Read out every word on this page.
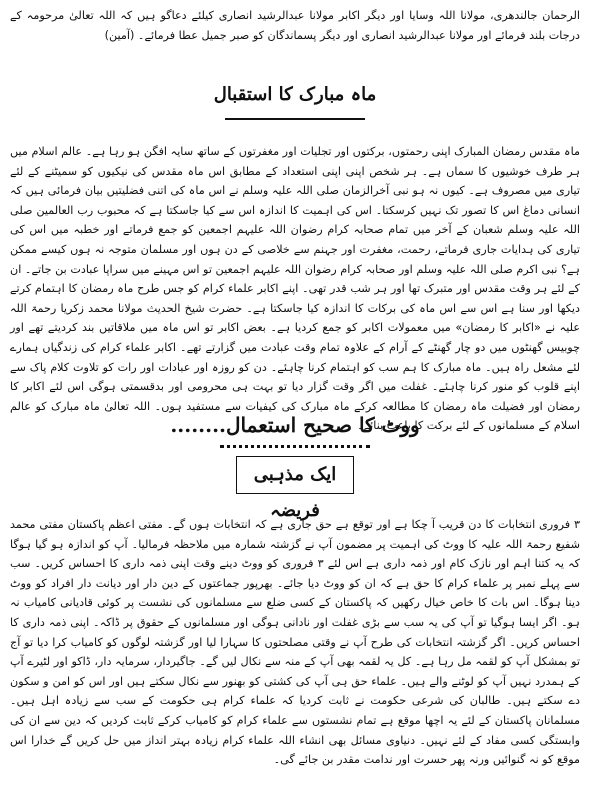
الرحمان جالندھری، مولانا اللہ وسایا اور دیگر اکابر مولانا عبدالرشید انصاری کیلئے دعاگو ہیں کہ اللہ تعالیٰ مرحومہ کے درجات بلند فرمائے اور مولانا عبدالرشید انصاری اور دیگر پسماندگان کو صبر جمیل عطا فرمائے۔ (آمین)

ماہ مبارک کا استقبال

ماہ مقدس رمضان المبارک اپنی رحمتوں، برکتوں اور تجلیات اور مغفرتوں کے ساتھ سایہ افگن ہو رہا ہے۔ عالم اسلام میں ہر طرف خوشیوں کا سماں ہے۔ ہر شخص اپنی اپنی استعداد کے مطابق اس ماہ مقدس کی نیکیوں کو سمیٹنے کے لئے تیاری میں مصروف ہے۔ کیوں نہ ہو نبی آخرالزمان صلی اللہ علیہ وسلم نے اس ماہ کی اتنی فضلیتیں بیان فرمائی ہیں کہ انسانی دماغ اس کا تصور تک نہیں کرسکتا۔ اس کی اہمیت کا اندازہ اس سے کیا جاسکتا ہے کہ محبوب رب العالمین صلی اللہ علیہ وسلم شعبان کے آخر میں تمام صحابہ کرام رضوان اللہ علیہم اجمعین کو جمع فرماتے اور خطبہ میں اس کی تیاری کی ہدایات جاری فرماتے، رحمت، مغفرت اور جہنم سے خلاصی کے دن ہوں اور مسلمان متوجہ نہ ہوں کیسے ممکن ہے؟ نبی اکرم صلی اللہ علیہ وسلم اور صحابہ کرام رضوان اللہ علیہم اجمعین تو اس مہینے میں سراپا عبادت بن جاتے۔ ان کے لئے ہر وقت مقدس اور متبرک تھا اور ہر شب قدر تھی۔ اپنے اکابر علماء کرام کو جس طرح ماہ رمضان کا اہتمام کرتے دیکھا اور سنا ہے اس سے اس ماہ کی برکات کا اندازہ کیا جاسکتا ہے۔ حضرت شیخ الحدیث مولانا محمد زکریا رحمۃ اللہ علیہ نے «اکابر کا رمضان» میں معمولات اکابر کو جمع کردیا ہے۔ بعض اکابر تو اس ماہ میں ملاقاتیں بند کردیتے تھے اور چوبیس گھنٹوں میں دو چار گھنٹے کے آرام کے علاوہ تمام وقت عبادت میں گزارتے تھے۔ اکابر علماء کرام کی زندگیاں ہمارے لئے مشعل راہ ہیں۔ ماہ مبارک کا ہم سب کو اہتمام کرنا چاہئے۔ دن کو روزہ اور عبادات اور رات کو تلاوت کلام پاک سے اپنے قلوب کو منور کرنا چاہئے۔ غفلت میں اگر وقت گزار دیا تو بہت ہی محرومی اور بدقسمتی ہوگی اس لئے اکابر کا رمضان اور فضیلت ماہ رمضان کا مطالعہ کرکے ماہ مبارک کی کیفیات سے مستفید ہوں۔ اللہ تعالیٰ ماہ مبارک کو عالم اسلام کے مسلمانوں کے لئے برکت کا باعث بنائے۔

ووٹ کا صحیح استعمال........
ایک مذہبی فریضہ

۳ فروری انتخابات کا دن قریب آ چکا ہے اور توقع ہے حق جاری ہے کہ انتخابات ہوں گے۔ مفتی اعظم پاکستان مفتی محمد شفیع رحمۃ اللہ علیہ کا ووٹ کی اہمیت پر مضمون آپ نے گزشتہ شمارہ میں ملاحظہ فرمالیا۔ آپ کو اندازہ ہو گیا ہوگا کہ یہ کتنا اہم اور نازک کام اور ذمہ داری ہے اس لئے ۳ فروری کو ووٹ دینے وقت اپنی ذمہ داری کا احساس کریں۔ سب سے پہلے نمبر پر علماء کرام کا حق ہے کہ ان کو ووٹ دیا جائے۔ بھرپور جماعتوں کے دین دار اور دیانت دار افراد کو ووٹ دینا ہوگا۔ اس بات کا خاص خیال رکھیں کہ پاکستان کے کسی ضلع سے مسلمانوں کی نشست پر کوئی قادیانی کامیاب نہ ہو۔ اگر ایسا ہوگیا تو آپ کی یہ سب سے بڑی غفلت اور نادانی ہوگی اور مسلمانوں کے حقوق پر ڈاکہ۔ اپنی ذمہ داری کا احساس کریں۔ اگر گزشتہ انتخابات کی طرح آپ نے وقتی مصلحتوں کا سہارا لیا اور گزشتہ لوگوں کو کامیاب کرا دیا تو آج تو بمشکل آپ کو لقمہ مل رہا ہے۔ کل یہ لقمہ بھی آپ کے منہ سے نکال لیں گے۔ جاگیردار، سرمایہ دار، ڈاکو اور لٹیرے آپ کے ہمدرد نہیں آپ کو لوٹنے والے ہیں۔ علماء حق ہی آپ کی کشتی کو بھنور سے نکال سکتے ہیں اور اس کو امن و سکون دے سکتے ہیں۔ طالبان کی شرعی حکومت نے ثابت کردیا کہ علماء کرام ہی حکومت کے سب سے زیادہ اہل ہیں۔ مسلمانان پاکستان کے لئے یہ اچھا موقع ہے تمام نشستوں سے علماء کرام کو کامیاب کرکے ثابت کردیں کہ دین سے ان کی وابستگی کسی مفاد کے لئے نہیں۔ دنیاوی مسائل بھی انشاء اللہ علماء کرام زیادہ بہتر انداز میں حل کریں گے خدارا اس موقع کو نہ گنوائیں ورنہ پھر حسرت اور ندامت مقدر بن جائے گی۔
